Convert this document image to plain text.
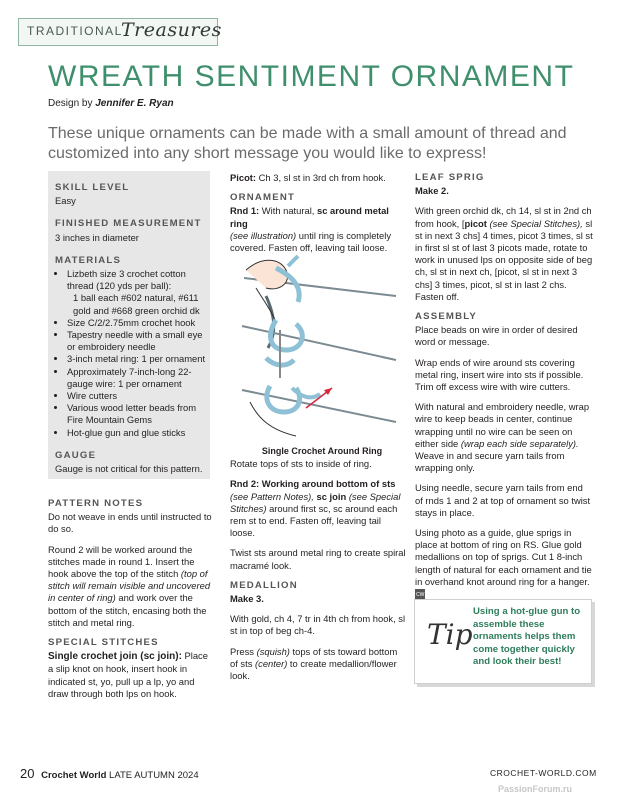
TRADITIONAL
Treasures
WREATH SENTIMENT ORNAMENT
Design by Jennifer E. Ryan
These unique ornaments can be made with a small amount of thread and customized into any short message you would like to express!
SKILL LEVEL
Easy
FINISHED MEASUREMENT
3 inches in diameter
MATERIALS
• Lizbeth size 3 crochet cotton thread (120 yds per ball):
1 ball each #602 natural, #611 gold and #668 green orchid dk
• Size C/2/2.75mm crochet hook
• Tapestry needle with a small eye or embroidery needle
• 3-inch metal ring: 1 per ornament
• Approximately 7-inch-long 22-gauge wire: 1 per ornament
• Wire cutters
• Various wood letter beads from Fire Mountain Gems
• Hot-glue gun and glue sticks
GAUGE
Gauge is not critical for this pattern.
PATTERN NOTES

Do not weave in ends until instructed to do so.

Round 2 will be worked around the stitches made in round 1. Insert the hook above the top of the stitch (top of stitch will remain visible and uncovered in center of ring) and work over the bottom of the stitch, encasing both the stitch and metal ring.

SPECIAL STITCHES

Single crochet join (sc join): Place a slip knot on hook, insert hook in indicated st, yo, pull up a lp, yo and draw through both lps on hook.

Picot: Ch 3, sl st in 3rd ch from hook.

ORNAMENT

Rnd 1: With natural, sc around metal ring
(see illustration) until ring is completely covered. Fasten off, leaving tail loose.

Rotate tops of sts to inside of ring.

Rnd 2: Working around bottom of sts (see Pattern Notes), sc join (see Special Stitches) around first sc, sc around each rem st to end. Fasten off, leaving tail loose.

Twist sts around metal ring to create spiral macramé look.

MEDALLION
Make 3.

With gold, ch 4, 7 tr in 4th ch from hook, sl st in top of beg ch-4.

Press (squish) tops of sts toward bottom of sts (center) to create medallion/flower look.

Single Crochet Around Ring
LEAF SPRIG
Make 2.

With green orchid dk, ch 14, sl st in 2nd ch from hook, [picot (see Special Stitches), sl st in next 3 chs] 4 times, picot 3 times, sl st in first sl st of last 3 picots made, rotate to work in unused lps on opposite side of beg ch, sl st in next ch, [picot, sl st in next 3 chs] 3 times, picot, sl st in last 2 chs. Fasten off.

ASSEMBLY

Place beads on wire in order of desired word or message.

Wrap ends of wire around sts covering metal ring, insert wire into sts if possible. Trim off excess wire with wire cutters.

With natural and embroidery needle, wrap wire to keep beads in center, continue wrapping until no wire can be seen on either side (wrap each side separately). Weave in and secure yarn tails from wrapping only.

Using needle, secure yarn tails from end of rnds 1 and 2 at top of ornament so twist stays in place.

Using photo as a guide, glue sprigs in place at bottom of ring on RS. Glue gold medallions on top of sprigs. Cut 1 8-inch length of natural for each ornament and tie in overhand knot around ring for a hanger. CW

Tip
Using a hot-glue gun to assemble these ornaments helps them come together quickly and look their best!
20 Crochet World LATE AUTUMN 2024	CROCHET-WORLD.COM
PassionForum.ru
